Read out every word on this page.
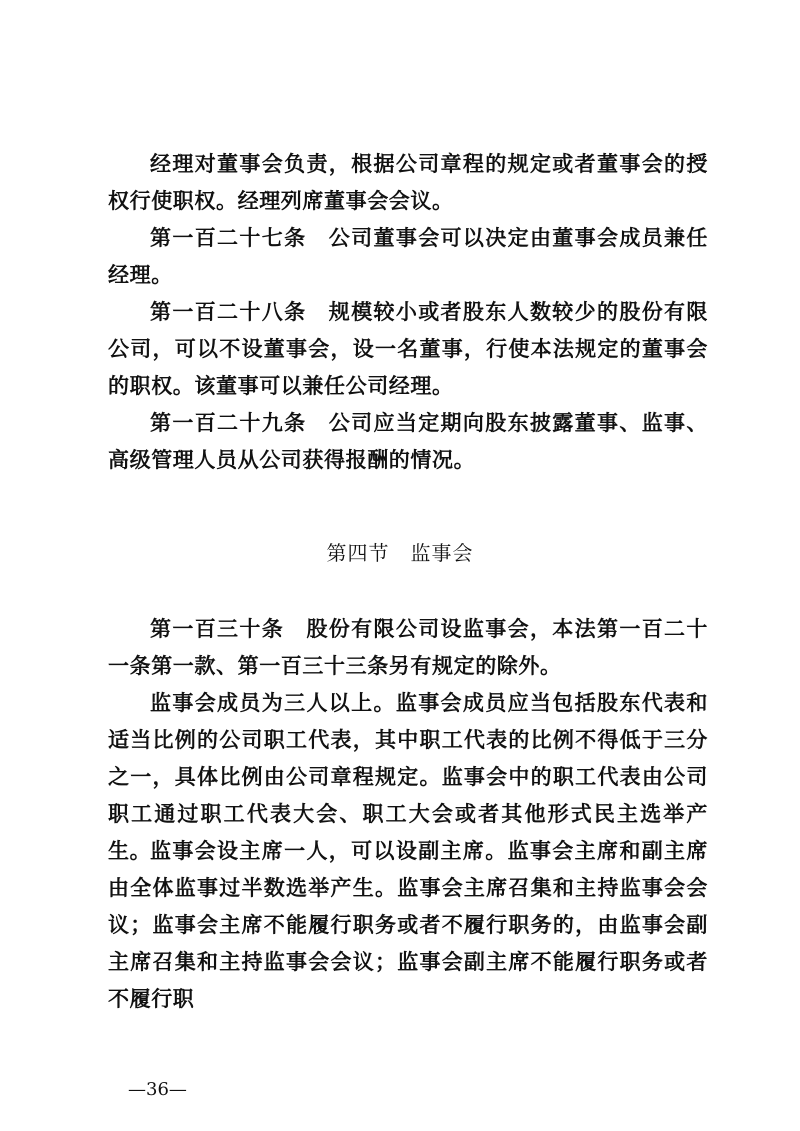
经理对董事会负责，根据公司章程的规定或者董事会的授权行使职权。经理列席董事会会议。

第一百二十七条　公司董事会可以决定由董事会成员兼任经理。

第一百二十八条　规模较小或者股东人数较少的股份有限公司，可以不设董事会，设一名董事，行使本法规定的董事会的职权。该董事可以兼任公司经理。

第一百二十九条　公司应当定期向股东披露董事、监事、高级管理人员从公司获得报酬的情况。

第四节　监事会

第一百三十条　股份有限公司设监事会，本法第一百二十一条第一款、第一百三十三条另有规定的除外。

监事会成员为三人以上。监事会成员应当包括股东代表和适当比例的公司职工代表，其中职工代表的比例不得低于三分之一，具体比例由公司章程规定。监事会中的职工代表由公司职工通过职工代表大会、职工大会或者其他形式民主选举产生。

监事会设主席一人，可以设副主席。监事会主席和副主席由全体监事过半数选举产生。监事会主席召集和主持监事会会议；监事会主席不能履行职务或者不履行职务的，由监事会副主席召集和主持监事会会议；监事会副主席不能履行职务或者不履行职

—36—
